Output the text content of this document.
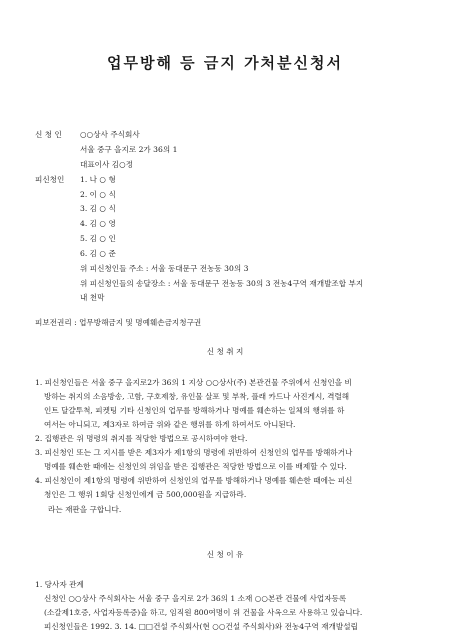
업무방해 등 금지 가처분신청서
신 청 인 ○○상사 주식회사
서울 중구 을지로 2가 36의 1
대표이사 김○정
피신청인 1. 나 ○ 형
2. 이 ○ 식
3. 김 ○ 식
4. 김 ○ 영
5. 김 ○ 인
6. 김 ○ 준
위 피신청인들 주소 : 서울 동대문구 전농동 30의 3
위 피신청인들의 송달장소 : 서울 동대문구 전농동 30의 3 전농4구역 재개발조합 부지
내 천막
피보전권리 : 업무방해금지 및 명예훼손금지청구권
신 청 취 지
1. 피신청인들은 서울 중구 을지로2가 36의 1 지상 ○○상사(주) 본관건물 주위에서 신청인을 비
방하는 취지의 소음방송, 고함, 구호제창, 유인물 살포 및 부착, 플래 카드나 사진게시, 격렬해
인트 달걀투척, 피켓팅 기타 신청인의 업무를 방해하거나 명예를 훼손하는 일체의 행위를 하
여서는 아니되고, 제3자로 하여금 위와 같은 행위를 하게 하여서도 아니된다.
2. 집행관은 위 명령의 취지를 적당한 방법으로 공시하여야 한다.
3. 피신청인 또는 그 지시를 받은 제3자가 제1항의 명령에 위반하여 신청인의 업무를 방해하거나
명예를 훼손한 때에는 신청인의 위임을 받은 집행관은 적당한 방법으로 이를 배제할 수 있다.
4. 피신청인이 제1항의 명령에 위반하여 신청인의 업무를 방해하거나 명예를 훼손한 때에는 피신
청인은 그 행위 1회당 신청인에게 금 500,000원을 지급하라.
라는 재판을 구합니다.
신 청 이 유
1. 당사자 관계
신청인 ○○상사 주식회사는 서울 중구 을지로 2가 36의 1 소재 ○○본관 건물에 사업자등록
(소갈제1호증, 사업자등록증)을 하고, 임직원 800여명이 위 건물을 사옥으로 사용하고 있습니다.
피신청인들은 1992. 3. 14. □□건설 주식회사(현 ○○건설 주식회사)와 전농4구역 재개발설립
